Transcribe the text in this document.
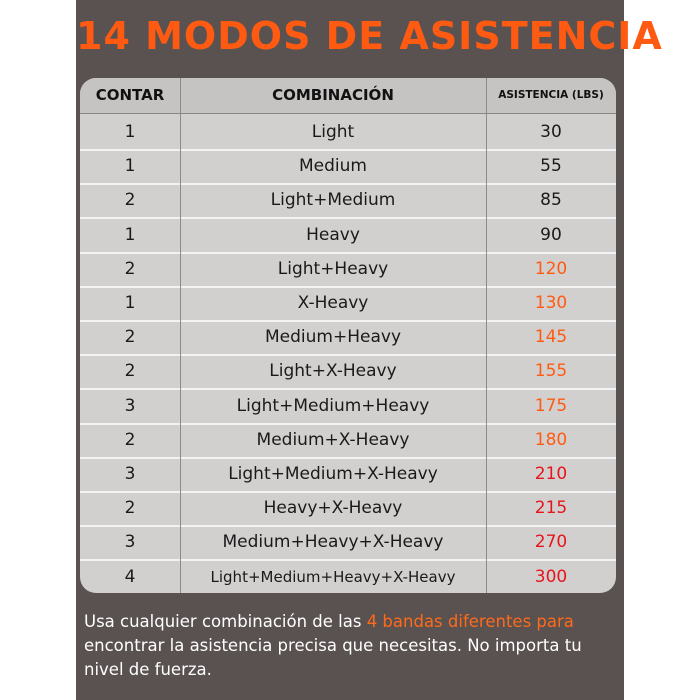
14 MODOS DE ASISTENCIA
CONTAR	COMBINACIÓN	ASISTENCIA (LBS)
1	Light	30
1	Medium	55
2	Light+Medium	85
1	Heavy	90
2	Light+Heavy	120
1	X-Heavy	130
2	Medium+Heavy	145
2	Light+X-Heavy	155
3	Light+Medium+Heavy	175
2	Medium+X-Heavy	180
3	Light+Medium+X-Heavy	210
2	Heavy+X-Heavy	215
3	Medium+Heavy+X-Heavy	270
4	Light+Medium+Heavy+X-Heavy	300
Usa cualquier combinación de las 4 bandas diferentes para encontrar la asistencia precisa que necesitas. No importa tu nivel de fuerza.
